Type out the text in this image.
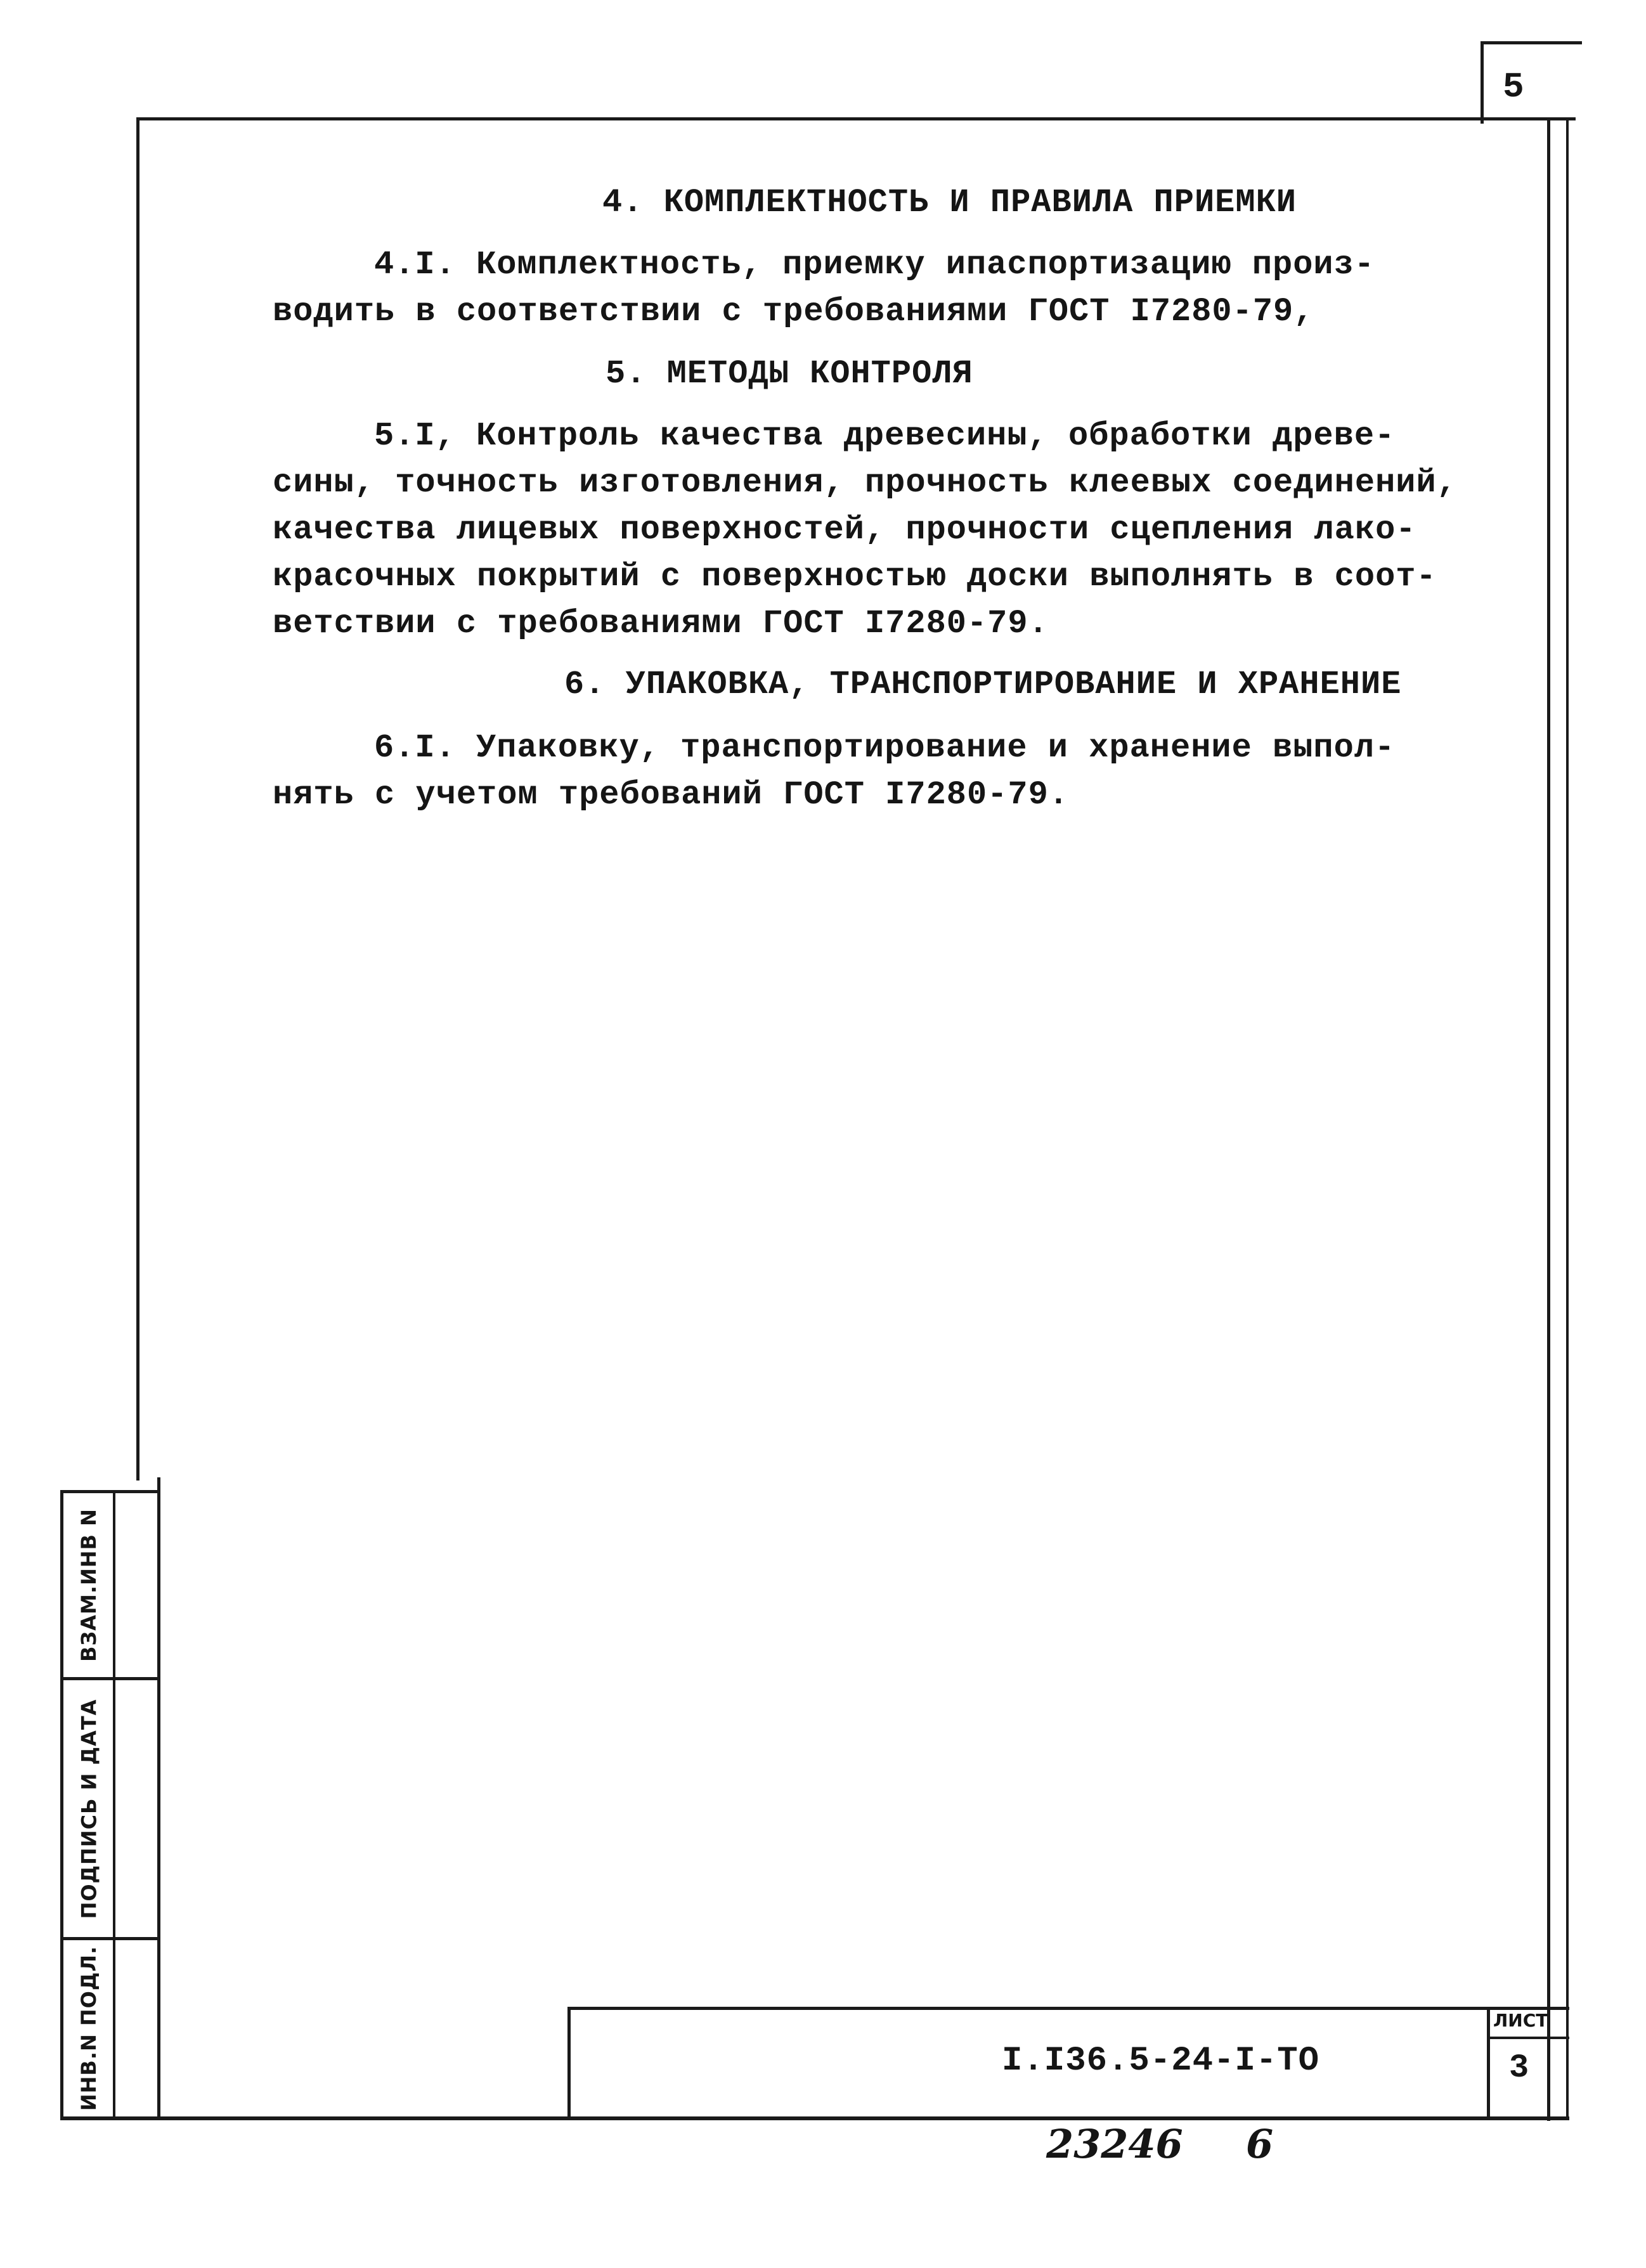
5
ВЗАМ.ИНВ N
ПОДПИСЬ И ДАТА
ИНВ.N ПОДЛ.
4. КОМПЛЕКТНОСТЬ И ПРАВИЛА ПРИЕМКИ
4.I. Комплектность, приемку ипаспортизацию произ-
водить в соответствии с требованиями ГОСТ I7280-79,
5. МЕТОДЫ КОНТРОЛЯ
5.I, Контроль качества древесины, обработки древе-
сины, точность изготовления, прочность клеевых соединений,
качества лицевых поверхностей, прочности сцепления лако-
красочных покрытий с поверхностью доски выполнять в соот-
ветствии с требованиями ГОСТ I7280-79.
6. УПАКОВКА, ТРАНСПОРТИРОВАНИЕ И ХРАНЕНИЕ
6.I. Упаковку, транспортирование и хранение выпол-
нять с учетом требований ГОСТ I7280-79.
I.I36.5-24-I-ТО
ЛИСТ
3
23246 6
